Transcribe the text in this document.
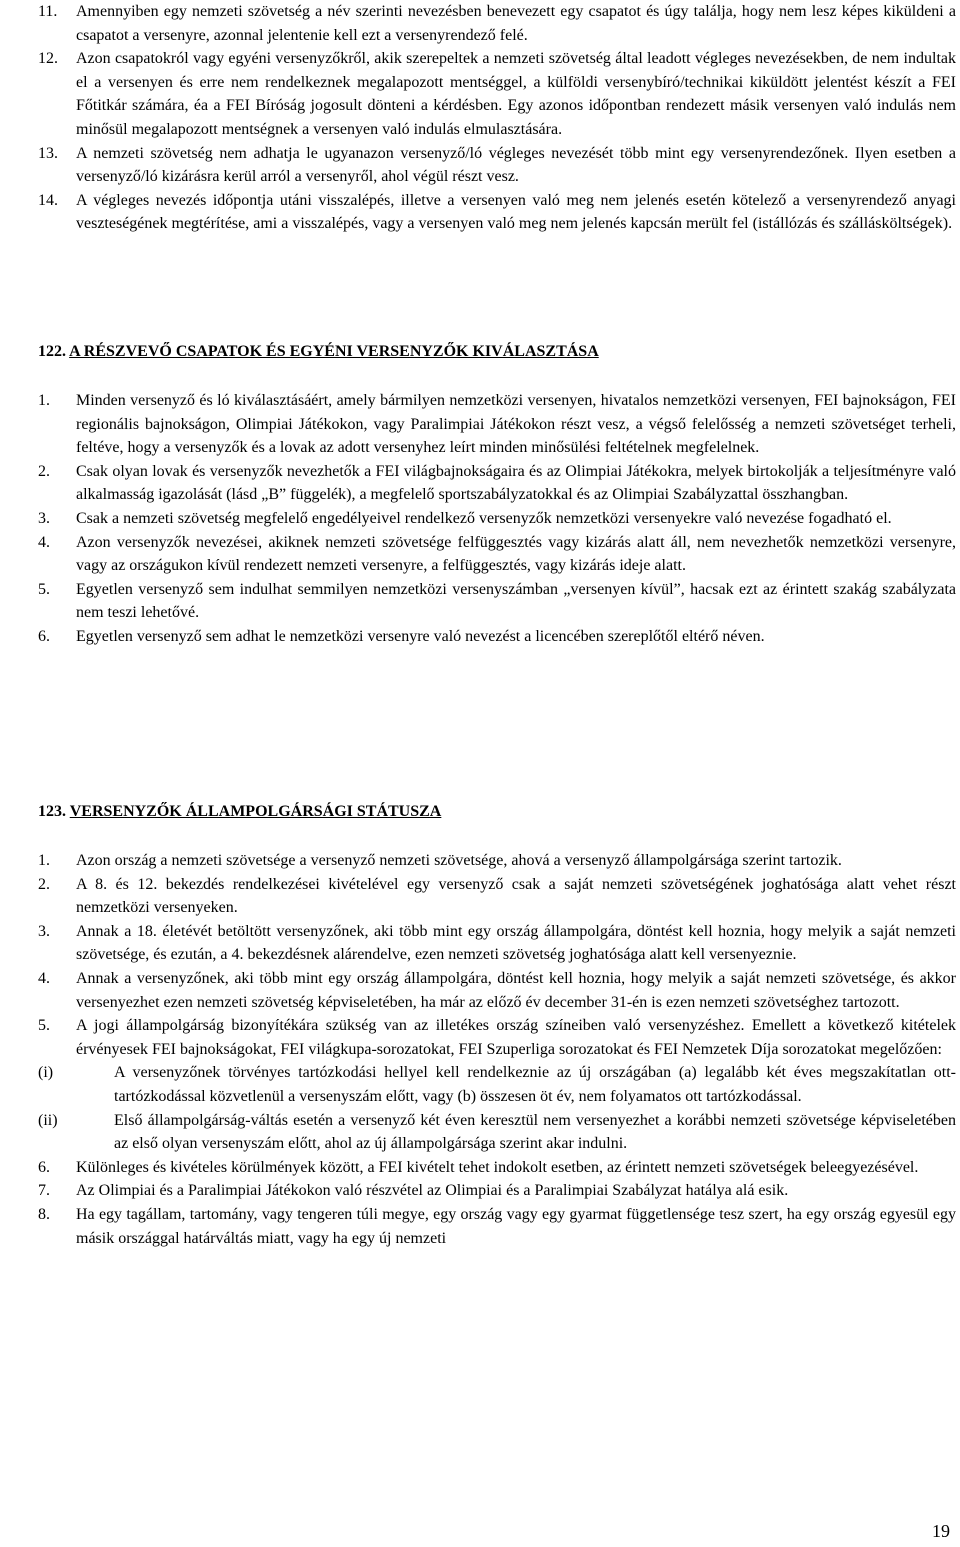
11.	Amennyiben egy nemzeti szövetség a név szerinti nevezésben benevezett egy csapatot és úgy találja, hogy nem lesz képes kiküldeni a csapatot a versenyre, azonnal jelentenie kell ezt a versenyrendező felé.
12.	Azon csapatokról vagy egyéni versenyzőkről, akik szerepeltek a nemzeti szövetség által leadott végleges nevezésekben, de nem indultak el a versenyen és erre nem rendelkeznek megalapozott mentséggel, a külföldi versenybíró/technikai kiküldött jelentést készít a FEI Főtitkár számára, éa a FEI Bíróság jogosult dönteni a kérdésben. Egy azonos időpontban rendezett másik versenyen való indulás nem minősül megalapozott mentségnek a versenyen való indulás elmulasztására.
13.	A nemzeti szövetség nem adhatja le ugyanazon versenyző/ló végleges nevezését több mint egy versenyrendezőnek. Ilyen esetben a versenyző/ló kizárásra kerül arról a versenyről, ahol végül részt vesz.
14.	A végleges nevezés időpontja utáni visszalépés, illetve a versenyen való meg nem jelenés esetén kötelező a versenyrendező anyagi veszteségének megtérítése, ami a visszalépés, vagy a versenyen való meg nem jelenés kapcsán merült fel (istállózás és szállásköltségek).
122. A RÉSZVEVŐ CSAPATOK ÉS EGYÉNI VERSENYZŐK KIVÁLASZTÁSA
1.	Minden versenyző és ló kiválasztásáért, amely bármilyen nemzetközi versenyen, hivatalos nemzetközi versenyen, FEI bajnokságon, FEI regionális bajnokságon, Olimpiai Játékokon, vagy Paralimpiai Játékokon részt vesz, a végső felelősség a nemzeti szövetséget terheli, feltéve, hogy a versenyzők és a lovak az adott versenyhez leírt minden minősülési feltételnek megfelelnek.
2.	Csak olyan lovak és versenyzők nevezhetők a FEI világbajnokságaira és az Olimpiai Játékokra, melyek birtokolják a teljesítményre való alkalmasság igazolását (lásd „B” függelék), a megfelelő sportszabályzatokkal és az Olimpiai Szabályzattal összhangban.
3.	Csak a nemzeti szövetség megfelelő engedélyeivel rendelkező versenyzők nemzetközi versenyekre való nevezése fogadható el.
4.	Azon versenyzők nevezései, akiknek nemzeti szövetsége felfüggesztés vagy kizárás alatt áll, nem nevezhetők nemzetközi versenyre, vagy az országukon kívül rendezett nemzeti versenyre, a felfüggesztés, vagy kizárás ideje alatt.
5.	Egyetlen versenyző sem indulhat semmilyen nemzetközi versenyszámban „versenyen kívül”, hacsak ezt az érintett szakág szabályzata nem teszi lehetővé.
6.	Egyetlen versenyző sem adhat le nemzetközi versenyre való nevezést a licencében szereplőtől eltérő néven.
123. VERSENYZŐK ÁLLAMPOLGÁRSÁGI STÁTUSZA
1.	Azon ország a nemzeti szövetsége a versenyző nemzeti szövetsége, ahová a versenyző állampolgársága szerint tartozik.
2.	A 8. és 12. bekezdés rendelkezései kivételével egy versenyző csak a saját nemzeti szövetségének joghatósága alatt vehet részt nemzetközi versenyeken.
3.	Annak a 18. életévét betöltött versenyzőnek, aki több mint egy ország állampolgára, döntést kell hoznia, hogy melyik a saját nemzeti szövetsége, és ezután, a 4. bekezdésnek alárendelve, ezen nemzeti szövetség joghatósága alatt kell versenyeznie.
4.	Annak a versenyzőnek, aki több mint egy ország állampolgára, döntést kell hoznia, hogy melyik a saját nemzeti szövetsége, és akkor versenyezhet ezen nemzeti szövetség képviseletében, ha már az előző év december 31-én is ezen nemzeti szövetséghez tartozott.
5.	A jogi állampolgárság bizonyítékára szükség van az illetékes ország színeiben való versenyzéshez. Emellett a következő kitételek érvényesek FEI bajnokságokat, FEI világkupa-sorozatokat, FEI Szuperliga sorozatokat és FEI Nemzetek Díja sorozatokat megelőzően:
(i)	A versenyzőnek törvényes tartózkodási hellyel kell rendelkeznie az új országában (a) legalább két éves megszakítatlan ott-tartózkodással közvetlenül a versenyszám előtt, vagy (b) összesen öt év, nem folyamatos ott tartózkodással.
(ii)	Első állampolgárság-váltás esetén a versenyző két éven keresztül nem versenyezhet a korábbi nemzeti szövetsége képviseletében az első olyan versenyszám előtt, ahol az új állampolgársága szerint akar indulni.
6.	Különleges és kivételes körülmények között, a FEI kivételt tehet indokolt esetben, az érintett nemzeti szövetségek beleegyezésével.
7.	Az Olimpiai és a Paralimpiai Játékokon való részvétel az Olimpiai és a Paralimpiai Szabályzat hatálya alá esik.
8.	Ha egy tagállam, tartomány, vagy tengeren túli megye, egy ország vagy egy gyarmat függetlensége tesz szert, ha egy ország egyesül egy másik országgal határváltás miatt, vagy ha egy új nemzeti
19
